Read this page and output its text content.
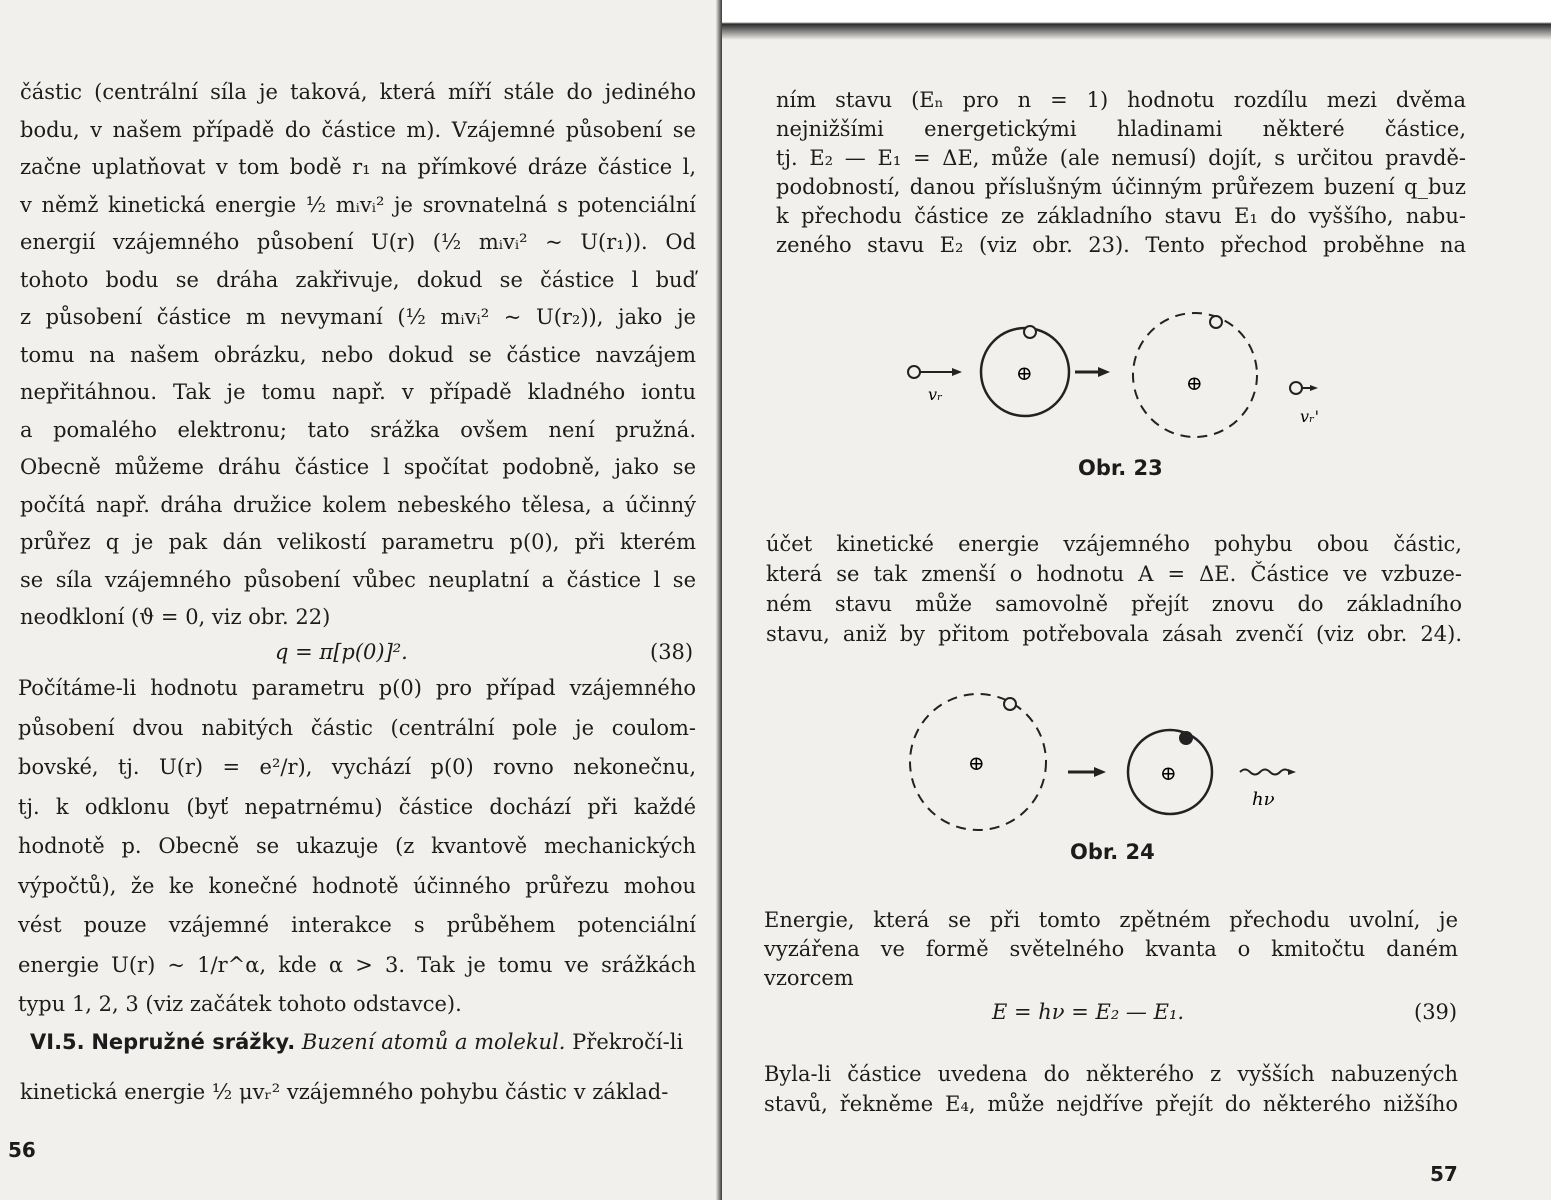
částic (centrální síla je taková, která míří stále do jediného
bodu, v našem případě do částice m). Vzájemné působení se
začne uplatňovat v tom bodě r₁ na přímkové dráze částice l,
v němž kinetická energie ½ mᵢvᵢ² je srovnatelná s potenciální
energií vzájemného působení U(r) (½ mᵢvᵢ² ~ U(r₁)). Od
tohoto bodu se dráha zakřivuje, dokud se částice l buď
z působení částice m nevymaní (½ mᵢvᵢ² ~ U(r₂)), jako je
tomu na našem obrázku, nebo dokud se částice navzájem
nepřitáhnou. Tak je tomu např. v případě kladného iontu
a pomalého elektronu; tato srážka ovšem není pružná.
Obecně můžeme dráhu částice l spočítat podobně, jako se
počítá např. dráha družice kolem nebeského tělesa, a účinný
průřez q je pak dán velikostí parametru p(0), při kterém
se síla vzájemného působení vůbec neuplatní a částice l se
neodkloní (ϑ = 0, viz obr. 22)
q = π[p(0)]².	(38)
Počítáme-li hodnotu parametru p(0) pro případ vzájemného
působení dvou nabitých částic (centrální pole je coulom-
bovské, tj. U(r) = e²/r), vychází p(0) rovno nekonečnu,
tj. k odklonu (byť nepatrnému) částice dochází při každé
hodnotě p. Obecně se ukazuje (z kvantově mechanických
výpočtů), že ke konečné hodnotě účinného průřezu mohou
vést pouze vzájemné interakce s průběhem potenciální
energie U(r) ~ 1/r^α, kde α > 3. Tak je tomu ve srážkách
typu 1, 2, 3 (viz začátek tohoto odstavce).
VI.5. Nepružné srážky. Buzení atomů a molekul. Překročí-li
kinetická energie ½ μvᵣ² vzájemného pohybu částic v základ-
56
ním stavu (Eₙ pro n = 1) hodnotu rozdílu mezi dvěma
nejnižšími energetickými hladinami některé částice,
tj. E₂ — E₁ = ΔE, může (ale nemusí) dojít, s určitou pravdě-
podobností, danou příslušným účinným průřezem buzení q_buz
k přechodu částice ze základního stavu E₁ do vyššího, nabu-
zeného stavu E₂ (viz obr. 23). Tento přechod proběhne na
vᵣ
⊕	⊕
vᵣ'
Obr. 23
účet kinetické energie vzájemného pohybu obou částic,
která se tak zmenší o hodnotu A = ΔE. Částice ve vzbuze-
ném stavu může samovolně přejít znovu do základního
stavu, aniž by přitom potřebovala zásah zvenčí (viz obr. 24).
⊕	⊕
hν
Obr. 24
Energie, která se při tomto zpětném přechodu uvolní, je
vyzářena ve formě světelného kvanta o kmitočtu daném
vzorcem
E = hν = E₂ — E₁.	(39)
Byla-li částice uvedena do některého z vyšších nabuzených
stavů, řekněme E₄, může nejdříve přejít do některého nižšího
57
